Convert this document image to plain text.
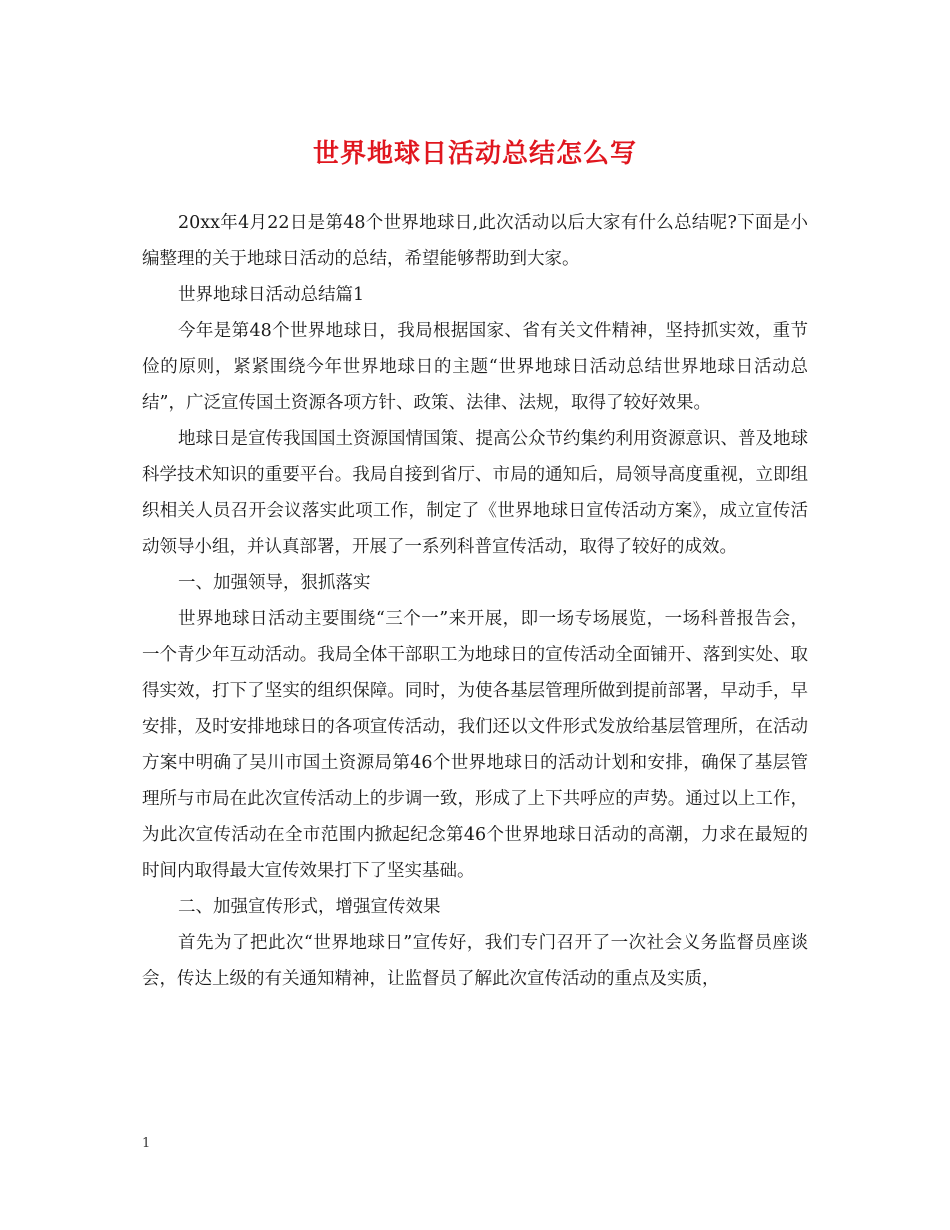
世界地球日活动总结怎么写

20xx年4月22日是第48个世界地球日,此次活动以后大家有什么总结呢?下面是小编整理的关于地球日活动的总结，希望能够帮助到大家。

世界地球日活动总结篇1

今年是第48个世界地球日，我局根据国家、省有关文件精神，坚持抓实效，重节俭的原则，紧紧围绕今年世界地球日的主题“世界地球日活动总结世界地球日活动总结”，广泛宣传国土资源各项方针、政策、法律、法规，取得了较好效果。

地球日是宣传我国国土资源国情国策、提高公众节约集约利用资源意识、普及地球科学技术知识的重要平台。我局自接到省厅、市局的通知后，局领导高度重视，立即组织相关人员召开会议落实此项工作，制定了《世界地球日宣传活动方案》，成立宣传活动领导小组，并认真部署，开展了一系列科普宣传活动，取得了较好的成效。

一、加强领导，狠抓落实

世界地球日活动主要围绕“三个一”来开展，即一场专场展览，一场科普报告会，一个青少年互动活动。我局全体干部职工为地球日的宣传活动全面铺开、落到实处、取得实效，打下了坚实的组织保障。同时，为使各基层管理所做到提前部署，早动手，早安排，及时安排地球日的各项宣传活动，我们还以文件形式发放给基层管理所，在活动方案中明确了吴川市国土资源局第46个世界地球日的活动计划和安排，确保了基层管理所与市局在此次宣传活动上的步调一致，形成了上下共呼应的声势。通过以上工作，为此次宣传活动在全市范围内掀起纪念第46个世界地球日活动的高潮，力求在最短的时间内取得最大宣传效果打下了坚实基础。

二、加强宣传形式，增强宣传效果

首先为了把此次“世界地球日”宣传好，我们专门召开了一次社会义务监督员座谈会，传达上级的有关通知精神，让监督员了解此次宣传活动的重点及实质，

1
